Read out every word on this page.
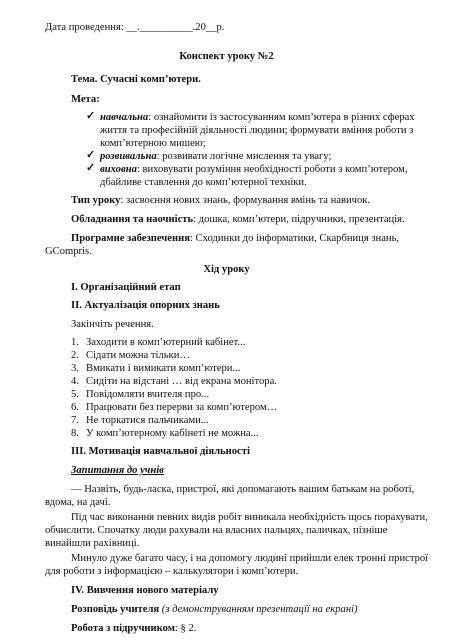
Дата проведення: __.__________.20__р.
Конспект уроку №2
Тема. Сучасні комп’ютери.
Мета:
✓ навчальна: ознайомити із застосуванням комп’ютера в різних сферах
життя та професійній діяльності людини; формувати вміння роботи з
комп’ютерною мишею;
✓ розвивальна: розвивати логічне мислення та увагу;
✓ виховна: виховувати розуміння необхідності роботи з комп’ютером,
дбайливе ставлення до комп’ютерної техніки.
Тип уроку: засвоєння нових знань, формування вмінь та навичок.
Обладнання та наочність: дошка, комп’ютери, підручники, презентація.
Програмне забезпечення: Сходинки до інформатики, Скарбниця знань,
GCompris.
Хід уроку
І. Організаційний етап
ІІ. Актуалізація опорних знань
Закінчіть речення.
1. Заходити в комп’ютерний кабінет...
2. Сідати можна тільки…
3. Вмикати і вимикати комп’ютери...
4. Сидіти на відстані … від екрана монітора.
5. Повідомляти вчителя про...
6. Працювати без перерви за комп’ютером…
7. Не торкатися пальчиками...
8. У комп’ютерному кабінеті не можна...
ІІІ. Мотивація навчальної діяльності
Запитання до учнів
— Назвіть, будь-ласка, пристрої, які допомагають вашим батькам на роботі,
вдома, на дачі.
Під час виконання певних видів робіт виникала необхідність щось порахувати,
обчислити. Спочатку люди рахували на власних пальцях, паличках, пізніше
винайшли рахівниці.
Минуло дуже багато часу, і на допомогу людині прийшли елек тронні пристрої
для роботи з інформацією – калькулятори і комп’ютери.
ІV. Вивчення нового матеріалу
Розповідь учителя (з демонструванням презентації на екрані)
Робота з підручником: § 2.
